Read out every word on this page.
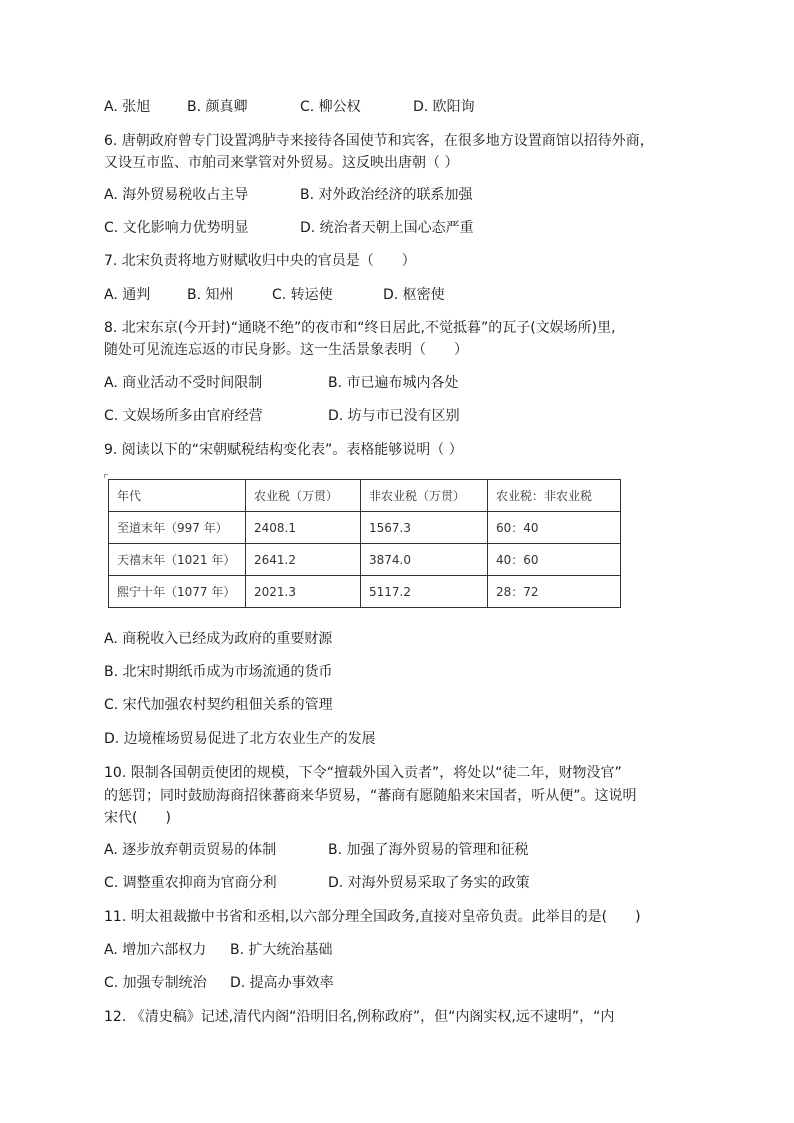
A. 张旭	B. 颜真卿	C. 柳公权	D. 欧阳询
6. 唐朝政府曾专门设置鸿胪寺来接待各国使节和宾客，在很多地方设置商馆以招待外商，
又设互市监、市舶司来掌管对外贸易。这反映出唐朝（ ）
A. 海外贸易税收占主导	B. 对外政治经济的联系加强
C. 文化影响力优势明显	D. 统治者天朝上国心态严重
7. 北宋负责将地方财赋收归中央的官员是（　　）
A. 通判	B. 知州	C. 转运使	D. 枢密使
8. 北宋东京(今开封)“通晓不绝”的夜市和“终日居此,不觉抵暮”的瓦子(文娱场所)里,
随处可见流连忘返的市民身影。这一生活景象表明（　　）
A. 商业活动不受时间限制	B. 市已遍布城内各处
C. 文娱场所多由官府经营	D. 坊与市已没有区别
9. 阅读以下的“宋朝赋税结构变化表”。表格能够说明（ ）
年代	农业税（万贯）	非农业税（万贯）	农业税：非农业税
至道末年（997 年）	2408.1	1567.3	60：40
天禧末年（1021 年）	2641.2	3874.0	40：60
熙宁十年（1077 年）	2021.3	5117.2	28：72
A. 商税收入已经成为政府的重要财源
B. 北宋时期纸币成为市场流通的货币
C. 宋代加强农村契约租佃关系的管理
D. 边境榷场贸易促进了北方农业生产的发展
10. 限制各国朝贡使团的规模，下令“擅载外国入贡者”，将处以“徒二年，财物没官”
的惩罚；同时鼓励海商招徕蕃商来华贸易，“蕃商有愿随船来宋国者，听从便”。这说明
宋代(　　)
A. 逐步放弃朝贡贸易的体制	B. 加强了海外贸易的管理和征税
C. 调整重农抑商为官商分利	D. 对海外贸易采取了务实的政策
11. 明太祖裁撤中书省和丞相,以六部分理全国政务,直接对皇帝负责。此举目的是(　　)
A. 增加六部权力 B. 扩大统治基础
C. 加强专制统治 D. 提高办事效率
12. 《清史稿》记述,清代内阁“沿明旧名,例称政府”，但“内阁实权,远不逮明”，“内
